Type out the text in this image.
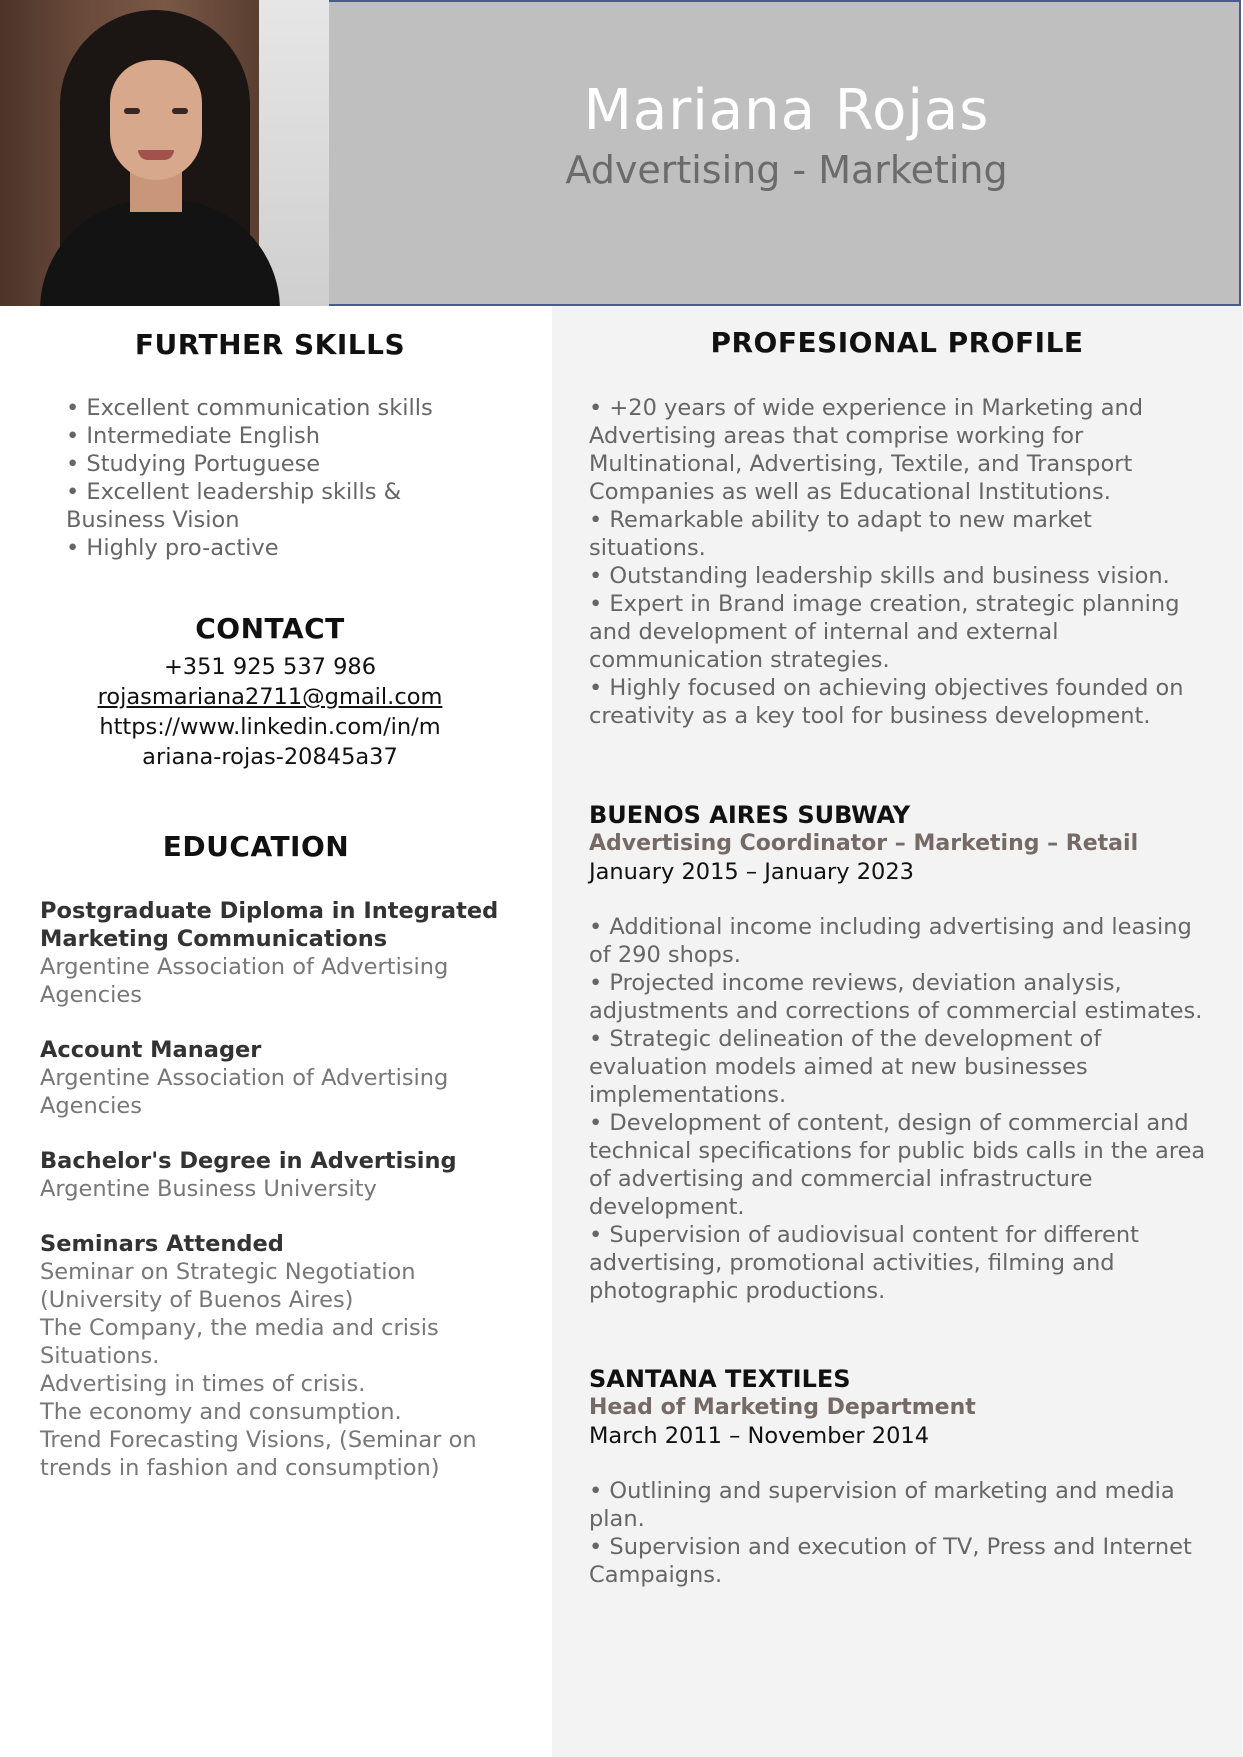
Mariana Rojas
Advertising - Marketing
FURTHER SKILLS
• Excellent communication skills
• Intermediate English
• Studying Portuguese
• Excellent leadership skills & Business Vision
• Highly pro-active
CONTACT
+351 925 537 986
rojasmariana2711@gmail.com
https://www.linkedin.com/in/m
ariana-rojas-20845a37
EDUCATION
Postgraduate Diploma in Integrated Marketing Communications
Argentine Association of Advertising Agencies
Account Manager
Argentine Association of Advertising Agencies
Bachelor's Degree in Advertising
Argentine Business University
Seminars Attended
Seminar on Strategic Negotiation (University of Buenos Aires)
The Company, the media and crisis Situations.
Advertising in times of crisis.
The economy and consumption.
Trend Forecasting Visions, (Seminar on trends in fashion and consumption)
PROFESIONAL PROFILE
• +20 years of wide experience in Marketing and Advertising areas that comprise working for Multinational, Advertising, Textile, and Transport Companies as well as Educational Institutions.
• Remarkable ability to adapt to new market situations.
• Outstanding leadership skills and business vision.
• Expert in Brand image creation, strategic planning and development of internal and external communication strategies.
• Highly focused on achieving objectives founded on creativity as a key tool for business development.
BUENOS AIRES SUBWAY
Advertising Coordinator – Marketing – Retail
January 2015 – January 2023
• Additional income including advertising and leasing of 290 shops.
• Projected income reviews, deviation analysis, adjustments and corrections of commercial estimates.
• Strategic delineation of the development of evaluation models aimed at new businesses implementations.
• Development of content, design of commercial and technical specifications for public bids calls in the area of advertising and commercial infrastructure development.
• Supervision of audiovisual content for different advertising, promotional activities, filming and photographic productions.
SANTANA TEXTILES
Head of Marketing Department
March 2011 – November 2014
• Outlining and supervision of marketing and media plan.
• Supervision and execution of TV, Press and Internet Campaigns.
